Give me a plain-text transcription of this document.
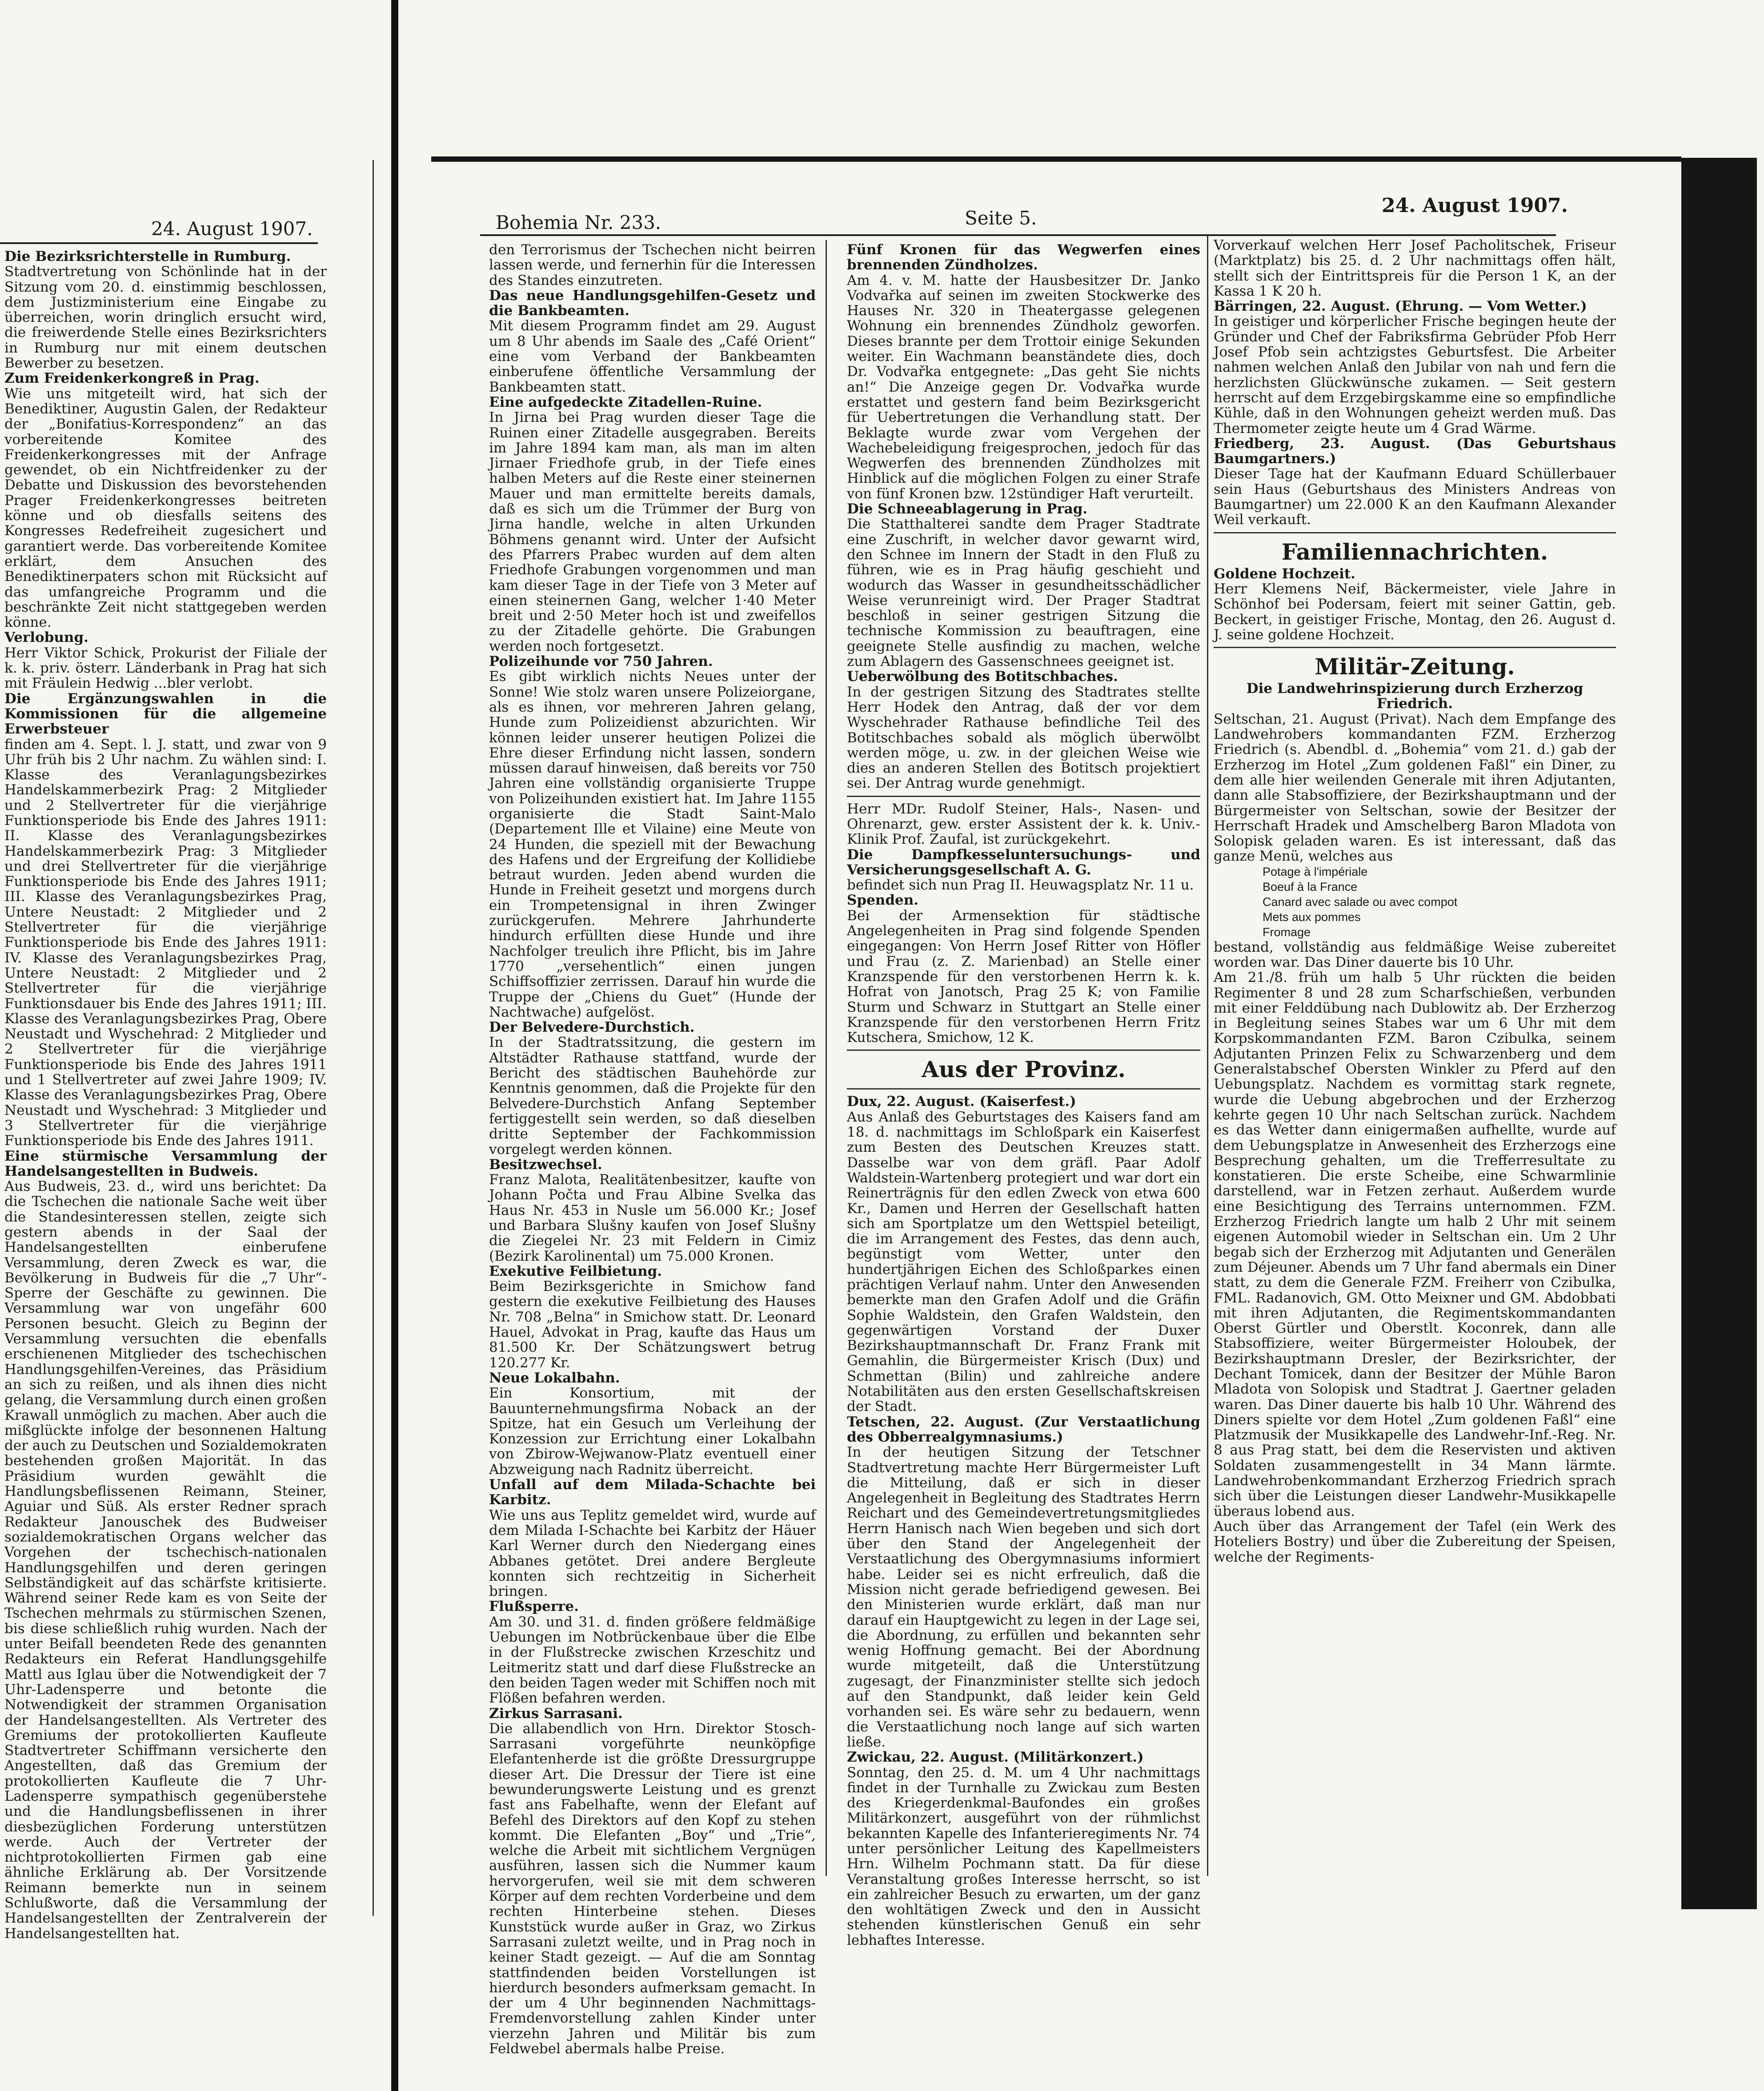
24. August 1907.

Die Bezirksrichterstelle in Rumburg.

Stadtvertretung von Schönlinde hat in der Sitzung vom 20. d. einstimmig beschlossen, dem Justizministerium eine Eingabe zu überreichen, worin dringlich ersucht wird, die freiwerdende Stelle eines Bezirksrichters in Rumburg nur mit einem deutschen Bewerber zu besetzen.

Zum Freidenkerkongreß in Prag.

Wie uns mitgeteilt wird, hat sich der Benediktiner, Augustin Galen, der Redakteur der „Bonifatius-Korrespondenz“ an das vorbereitende Komitee des Freidenkerkongresses mit der Anfrage gewendet, ob ein Nichtfreidenker zu der Debatte und Diskussion des bevorstehenden Prager Freidenkerkongresses beitreten könne und ob diesfalls seitens des Kongresses Redefreiheit zugesichert und garantiert werde. Das vorbereitende Komitee erklärt, dem Ansuchen des Benediktinerpaters schon mit Rücksicht auf das umfangreiche Programm und die beschränkte Zeit nicht stattgegeben werden könne.

Verlobung.

Herr Viktor Schick, Prokurist der Filiale der k. k. priv. österr. Länderbank in Prag hat sich mit Fräulein Hedwig ...bler verlobt.

Die Ergänzungswahlen in die Kommissionen für die allgemeine Erwerbsteuer

finden am 4. Sept. l. J. statt, und zwar von 9 Uhr früh bis 2 Uhr nachm. Zu wählen sind: I. Klasse des Veranlagungsbezirkes Handelskammerbezirk Prag: 2 Mitglieder und 2 Stellvertreter für die vierjährige Funktionsperiode bis Ende des Jahres 1911: II. Klasse des Veranlagungsbezirkes Handelskammerbezirk Prag: 3 Mitglieder und drei Stellvertreter für die vierjährige Funktionsperiode bis Ende des Jahres 1911; III. Klasse des Veranlagungsbezirkes Prag, Untere Neustadt: 2 Mitglieder und 2 Stellvertreter für die vierjährige Funktionsperiode bis Ende des Jahres 1911: IV. Klasse des Veranlagungsbezirkes Prag, Untere Neustadt: 2 Mitglieder und 2 Stellvertreter für die vierjährige Funktionsdauer bis Ende des Jahres 1911; III. Klasse des Veranlagungsbezirkes Prag, Obere Neustadt und Wyschehrad: 2 Mitglieder und 2 Stellvertreter für die vierjährige Funktionsperiode bis Ende des Jahres 1911 und 1 Stellvertreter auf zwei Jahre 1909; IV. Klasse des Veranlagungsbezirkes Prag, Obere Neustadt und Wyschehrad: 3 Mitglieder und 3 Stellvertreter für die vierjährige Funktionsperiode bis Ende des Jahres 1911.

Eine stürmische Versammlung der Handelsangestellten in Budweis.

Aus Budweis, 23. d., wird uns berichtet: Da die Tschechen die nationale Sache weit über die Standesinteressen stellen, zeigte sich gestern abends in der Saal der Handelsangestellten einberufene Versammlung, deren Zweck es war, die Bevölkerung in Budweis für die „7 Uhr“-Sperre der Geschäfte zu gewinnen. Die Versammlung war von ungefähr 600 Personen besucht. Gleich zu Beginn der Versammlung versuchten die ebenfalls erschienenen Mitglieder des tschechischen Handlungsgehilfen-Vereines, das Präsidium an sich zu reißen, und als ihnen dies nicht gelang, die Versammlung durch einen großen Krawall unmöglich zu machen. Aber auch die mißglückte infolge der besonnenen Haltung der auch zu Deutschen und Sozialdemokraten bestehenden großen Majorität. In das Präsidium wurden gewählt die Handlungsbeflissenen Reimann, Steiner, Aguiar und Süß. Als erster Redner sprach Redakteur Janouschek des Budweiser sozialdemokratischen Organs welcher das Vorgehen der tschechisch-nationalen Handlungsgehilfen und deren geringen Selbständigkeit auf das schärfste kritisierte. Während seiner Rede kam es von Seite der Tschechen mehrmals zu stürmischen Szenen, bis diese schließlich ruhig wurden. Nach der unter Beifall beendeten Rede des genannten Redakteurs ein Referat Handlungsgehilfe Mattl aus Iglau über die Notwendigkeit der 7 Uhr-Ladensperre und betonte die Notwendigkeit der strammen Organisation der Handelsangestellten. Als Vertreter des Gremiums der protokollierten Kaufleute Stadtvertreter Schiffmann versicherte den Angestellten, daß das Gremium der protokollierten Kaufleute die 7 Uhr-Ladensperre sympathisch gegenüberstehe und die Handlungsbeflissenen in ihrer diesbezüglichen Forderung unterstützen werde. Auch der Vertreter der nichtprotokollierten Firmen gab eine ähnliche Erklärung ab. Der Vorsitzende Reimann bemerkte nun in seinem Schlußworte, daß die Versammlung der Handelsangestellten der Zentralverein der Handelsangestellten hat.

Bohemia Nr. 233.	Seite 5.
24. August 1907.

den Terrorismus der Tschechen nicht beirren lassen werde, und fernerhin für die Interessen des Standes einzutreten.

Das neue Handlungsgehilfen-Gesetz und die Bankbeamten.

Mit diesem Programm findet am 29. August um 8 Uhr abends im Saale des „Café Orient“ eine vom Verband der Bankbeamten einberufene öffentliche Versammlung der Bankbeamten statt.

Eine aufgedeckte Zitadellen-Ruine.

In Jirna bei Prag wurden dieser Tage die Ruinen einer Zitadelle ausgegraben. Bereits im Jahre 1894 kam man, als man im alten Jirnaer Friedhofe grub, in der Tiefe eines halben Meters auf die Reste einer steinernen Mauer und man ermittelte bereits damals, daß es sich um die Trümmer der Burg von Jirna handle, welche in alten Urkunden Böhmens genannt wird. Unter der Aufsicht des Pfarrers Prabec wurden auf dem alten Friedhofe Grabungen vorgenommen und man kam dieser Tage in der Tiefe von 3 Meter auf einen steinernen Gang, welcher 1·40 Meter breit und 2·50 Meter hoch ist und zweifellos zu der Zitadelle gehörte. Die Grabungen werden noch fortgesetzt.

Polizeihunde vor 750 Jahren.

Es gibt wirklich nichts Neues unter der Sonne! Wie stolz waren unsere Polizeiorgane, als es ihnen, vor mehreren Jahren gelang, Hunde zum Polizeidienst abzurichten. Wir können leider unserer heutigen Polizei die Ehre dieser Erfindung nicht lassen, sondern müssen darauf hinweisen, daß bereits vor 750 Jahren eine vollständig organisierte Truppe von Polizeihunden existiert hat. Im Jahre 1155 organisierte die Stadt Saint-Malo (Departement Ille et Vilaine) eine Meute von 24 Hunden, die speziell mit der Bewachung des Hafens und der Ergreifung der Kollidiebe betraut wurden. Jeden abend wurden die Hunde in Freiheit gesetzt und morgens durch ein Trompetensignal in ihren Zwinger zurückgerufen. Mehrere Jahrhunderte hindurch erfüllten diese Hunde und ihre Nachfolger treulich ihre Pflicht, bis im Jahre 1770 „versehentlich“ einen jungen Schiffsoffizier zerrissen. Darauf hin wurde die Truppe der „Chiens du Guet“ (Hunde der Nachtwache) aufgelöst.

Der Belvedere-Durchstich.

In der Stadtratssitzung, die gestern im Altstädter Rathause stattfand, wurde der Bericht des städtischen Bauhehörde zur Kenntnis genommen, daß die Projekte für den Belvedere-Durchstich Anfang September fertiggestellt sein werden, so daß dieselben dritte September der Fachkommission vorgelegt werden können.

Besitzwechsel.

Franz Malota, Realitätenbesitzer, kaufte von Johann Počta und Frau Albine Svelka das Haus Nr. 453 in Nusle um 56.000 Kr.; Josef und Barbara Slušny kaufen von Josef Slušny die Ziegelei Nr. 23 mit Feldern in Cimiz (Bezirk Karolinental) um 75.000 Kronen.

Exekutive Feilbietung.

Beim Bezirksgerichte in Smichow fand gestern die exekutive Feilbietung des Hauses Nr. 708 „Belna“ in Smichow statt. Dr. Leonard Hauel, Advokat in Prag, kaufte das Haus um 81.500 Kr. Der Schätzungswert betrug 120.277 Kr.

Neue Lokalbahn.

Ein Konsortium, mit der Bauunternehmungsfirma Noback an der Spitze, hat ein Gesuch um Verleihung der Konzession zur Errichtung einer Lokalbahn von Zbirow-Wejwanow-Platz eventuell einer Abzweigung nach Radnitz überreicht.

Unfall auf dem Milada-Schachte bei Karbitz.

Wie uns aus Teplitz gemeldet wird, wurde auf dem Milada I-Schachte bei Karbitz der Häuer Karl Werner durch den Niedergang eines Abbanes getötet. Drei andere Bergleute konnten sich rechtzeitig in Sicherheit bringen.

Flußsperre.

Am 30. und 31. d. finden größere feldmäßige Uebungen im Notbrückenbaue über die Elbe in der Flußstrecke zwischen Krzeschitz und Leitmeritz statt und darf diese Flußstrecke an den beiden Tagen weder mit Schiffen noch mit Flößen befahren werden.

Zirkus Sarrasani.

Die allabendlich von Hrn. Direktor Stosch-Sarrasani vorgeführte neunköpfige Elefantenherde ist die größte Dressurgruppe dieser Art. Die Dressur der Tiere ist eine bewunderungswerte Leistung und es grenzt fast ans Fabelhafte, wenn der Elefant auf Befehl des Direktors auf den Kopf zu stehen kommt. Die Elefanten „Boy“ und „Trie“, welche die Arbeit mit sichtlichem Vergnügen ausführen, lassen sich die Nummer kaum hervorgerufen, weil sie mit dem schweren Körper auf dem rechten Vorderbeine und dem rechten Hinterbeine stehen. Dieses Kunststück wurde außer in Graz, wo Zirkus Sarrasani zuletzt weilte, und in Prag noch in keiner Stadt gezeigt. — Auf die am Sonntag stattfindenden beiden Vorstellungen ist hierdurch besonders aufmerksam gemacht. In der um 4 Uhr beginnenden Nachmittags-Fremdenvorstellung zahlen Kinder unter vierzehn Jahren und Militär bis zum Feldwebel abermals halbe Preise.

Fünf Kronen für das Wegwerfen eines brennenden Zündholzes.

Am 4. v. M. hatte der Hausbesitzer Dr. Janko Vodvařka auf seinen im zweiten Stockwerke des Hauses Nr. 320 in Theatergasse gelegenen Wohnung ein brennendes Zündholz geworfen. Dieses brannte per dem Trottoir einige Sekunden weiter. Ein Wachmann beanständete dies, doch Dr. Vodvařka entgegnete: „Das geht Sie nichts an!“ Die Anzeige gegen Dr. Vodvařka wurde erstattet und gestern fand beim Bezirksgericht für Uebertretungen die Verhandlung statt. Der Beklagte wurde zwar vom Vergehen der Wachebeleidigung freigesprochen, jedoch für das Wegwerfen des brennenden Zündholzes mit Hinblick auf die möglichen Folgen zu einer Strafe von fünf Kronen bzw. 12stündiger Haft verurteilt.

Die Schneeablagerung in Prag.

Die Statthalterei sandte dem Prager Stadtrate eine Zuschrift, in welcher davor gewarnt wird, den Schnee im Innern der Stadt in den Fluß zu führen, wie es in Prag häufig geschieht und wodurch das Wasser in gesundheitsschädlicher Weise verunreinigt wird. Der Prager Stadtrat beschloß in seiner gestrigen Sitzung die technische Kommission zu beauftragen, eine geeignete Stelle ausfindig zu machen, welche zum Ablagern des Gassenschnees geeignet ist.

Ueberwölbung des Botitschbaches.

In der gestrigen Sitzung des Stadtrates stellte Herr Hodek den Antrag, daß der vor dem Wyschehrader Rathause befindliche Teil des Botitschbaches sobald als möglich überwölbt werden möge, u. zw. in der gleichen Weise wie dies an anderen Stellen des Botitsch projektiert sei. Der Antrag wurde genehmigt.

Herr MDr. Rudolf Steiner, Hals-, Nasen- und Ohrenarzt, gew. erster Assistent der k. k. Univ.-Klinik Prof. Zaufal, ist zurückgekehrt.

Die Dampfkesseluntersuchungs- und Versicherungsgesellschaft A. G.

befindet sich nun Prag II. Heuwagsplatz Nr. 11 u.

Spenden.

Bei der Armensektion für städtische Angelegenheiten in Prag sind folgende Spenden eingegangen: Von Herrn Josef Ritter von Höfler und Frau (z. Z. Marienbad) an Stelle einer Kranzspende für den verstorbenen Herrn k. k. Hofrat von Janotsch, Prag 25 K; von Familie Sturm und Schwarz in Stuttgart an Stelle einer Kranzspende für den verstorbenen Herrn Fritz Kutschera, Smichow, 12 K.

Aus der Provinz.

Dux, 22. August. (Kaiserfest.)

Aus Anlaß des Geburtstages des Kaisers fand am 18. d. nachmittags im Schloßpark ein Kaiserfest zum Besten des Deutschen Kreuzes statt. Dasselbe war von dem gräfl. Paar Adolf Waldstein-Wartenberg protegiert und war dort ein Reinerträgnis für den edlen Zweck von etwa 600 Kr., Damen und Herren der Gesellschaft hatten sich am Sportplatze um den Wettspiel beteiligt, die im Arrangement des Festes, das denn auch, begünstigt vom Wetter, unter den hundertjährigen Eichen des Schloßparkes einen prächtigen Verlauf nahm. Unter den Anwesenden bemerkte man den Grafen Adolf und die Gräfin Sophie Waldstein, den Grafen Waldstein, den gegenwärtigen Vorstand der Duxer Bezirkshauptmannschaft Dr. Franz Frank mit Gemahlin, die Bürgermeister Krisch (Dux) und Schmettan (Bilin) und zahlreiche andere Notabilitäten aus den ersten Gesellschaftskreisen der Stadt.

Tetschen, 22. August. (Zur Verstaatlichung des Obberrealgymnasiums.)

In der heutigen Sitzung der Tetschner Stadtvertretung machte Herr Bürgermeister Luft die Mitteilung, daß er sich in dieser Angelegenheit in Begleitung des Stadtrates Herrn Reichart und des Gemeindevertretungsmitgliedes Herrn Hanisch nach Wien begeben und sich dort über den Stand der Angelegenheit der Verstaatlichung des Obergymnasiums informiert habe. Leider sei es nicht erfreulich, daß die Mission nicht gerade befriedigend gewesen. Bei den Ministerien wurde erklärt, daß man nur darauf ein Hauptgewicht zu legen in der Lage sei, die Abordnung, zu erfüllen und bekannten sehr wenig Hoffnung gemacht. Bei der Abordnung wurde mitgeteilt, daß die Unterstützung zugesagt, der Finanzminister stellte sich jedoch auf den Standpunkt, daß leider kein Geld vorhanden sei. Es wäre sehr zu bedauern, wenn die Verstaatlichung noch lange auf sich warten ließe.

Zwickau, 22. August. (Militärkonzert.)

Sonntag, den 25. d. M. um 4 Uhr nachmittags findet in der Turnhalle zu Zwickau zum Besten des Kriegerdenkmal-Baufondes ein großes Militärkonzert, ausgeführt von der rühmlichst bekannten Kapelle des Infanterieregiments Nr. 74 unter persönlicher Leitung des Kapellmeisters Hrn. Wilhelm Pochmann statt. Da für diese Veranstaltung großes Interesse herrscht, so ist ein zahlreicher Besuch zu erwarten, um der ganz den wohltätigen Zweck und den in Aussicht stehenden künstlerischen Genuß ein sehr lebhaftes Interesse.

Vorverkauf welchen Herr Josef Pacholitschek, Friseur (Marktplatz) bis 25. d. 2 Uhr nachmittags offen hält, stellt sich der Eintrittspreis für die Person 1 K, an der Kassa 1 K 20 h.

Bärringen, 22. August. (Ehrung. — Vom Wetter.)

In geistiger und körperlicher Frische begingen heute der Gründer und Chef der Fabriksfirma Gebrüder Pfob Herr Josef Pfob sein achtzigstes Geburtsfest. Die Arbeiter nahmen welchen Anlaß den Jubilar von nah und fern die herzlichsten Glückwünsche zukamen. — Seit gestern herrscht auf dem Erzgebirgskamme eine so empfindliche Kühle, daß in den Wohnungen geheizt werden muß. Das Thermometer zeigte heute um 4 Grad Wärme.

Friedberg, 23. August. (Das Geburtshaus Baumgartners.)

Dieser Tage hat der Kaufmann Eduard Schüllerbauer sein Haus (Geburtshaus des Ministers Andreas von Baumgartner) um 22.000 K an den Kaufmann Alexander Weil verkauft.

Familiennachrichten.

Goldene Hochzeit.

Herr Klemens Neif, Bäckermeister, viele Jahre in Schönhof bei Podersam, feiert mit seiner Gattin, geb. Beckert, in geistiger Frische, Montag, den 26. August d. J. seine goldene Hochzeit.

Militär-Zeitung.

Die Landwehrinspizierung durch Erzherzog Friedrich.

Seltschan, 21. August (Privat). Nach dem Empfange des Landwehrobers kommandanten FZM. Erzherzog Friedrich (s. Abendbl. d. „Bohemia“ vom 21. d.) gab der Erzherzog im Hotel „Zum goldenen Faßl“ ein Diner, zu dem alle hier weilenden Generale mit ihren Adjutanten, dann alle Stabsoffiziere, der Bezirkshauptmann und der Bürgermeister von Seltschan, sowie der Besitzer der Herrschaft Hradek und Amschelberg Baron Mladota von Solopisk geladen waren. Es ist interessant, daß das ganze Menü, welches aus

Potage à l'impériale
Boeuf à la France
Canard avec salade ou avec compot
Mets aux pommes
Fromage

bestand, vollständig aus feldmäßige Weise zubereitet worden war. Das Diner dauerte bis 10 Uhr.

Am 21./8. früh um halb 5 Uhr rückten die beiden Regimenter 8 und 28 zum Scharfschießen, verbunden mit einer Felddübung nach Dublowitz ab. Der Erzherzog in Begleitung seines Stabes war um 6 Uhr mit dem Korpskommandanten FZM. Baron Czibulka, seinem Adjutanten Prinzen Felix zu Schwarzenberg und dem Generalstabschef Obersten Winkler zu Pferd auf den Uebungsplatz. Nachdem es vormittag stark regnete, wurde die Uebung abgebrochen und der Erzherzog kehrte gegen 10 Uhr nach Seltschan zurück. Nachdem es das Wetter dann einigermaßen aufhellte, wurde auf dem Uebungsplatze in Anwesenheit des Erzherzogs eine Besprechung gehalten, um die Trefferresultate zu konstatieren. Die erste Scheibe, eine Schwarmlinie darstellend, war in Fetzen zerhaut. Außerdem wurde eine Besichtigung des Terrains unternommen. FZM. Erzherzog Friedrich langte um halb 2 Uhr mit seinem eigenen Automobil wieder in Seltschan ein. Um 2 Uhr begab sich der Erzherzog mit Adjutanten und Generälen zum Déjeuner. Abends um 7 Uhr fand abermals ein Diner statt, zu dem die Generale FZM. Freiherr von Czibulka, FML. Radanovich, GM. Otto Meixner und GM. Abdobbati mit ihren Adjutanten, die Regimentskommandanten Oberst Gürtler und Oberstlt. Koconrek, dann alle Stabsoffiziere, weiter Bürgermeister Holoubek, der Bezirkshauptmann Dresler, der Bezirksrichter, der Dechant Tomicek, dann der Besitzer der Mühle Baron Mladota von Solopisk und Stadtrat J. Gaertner geladen waren. Das Diner dauerte bis halb 10 Uhr. Während des Diners spielte vor dem Hotel „Zum goldenen Faßl“ eine Platzmusik der Musikkapelle des Landwehr-Inf.-Reg. Nr. 8 aus Prag statt, bei dem die Reservisten und aktiven Soldaten zusammengestellt in 34 Mann lärmte. Landwehrobenkommandant Erzherzog Friedrich sprach sich über die Leistungen dieser Landwehr-Musikkapelle überaus lobend aus.

Auch über das Arrangement der Tafel (ein Werk des Hoteliers Bostry) und über die Zubereitung der Speisen, welche der Regiments-
